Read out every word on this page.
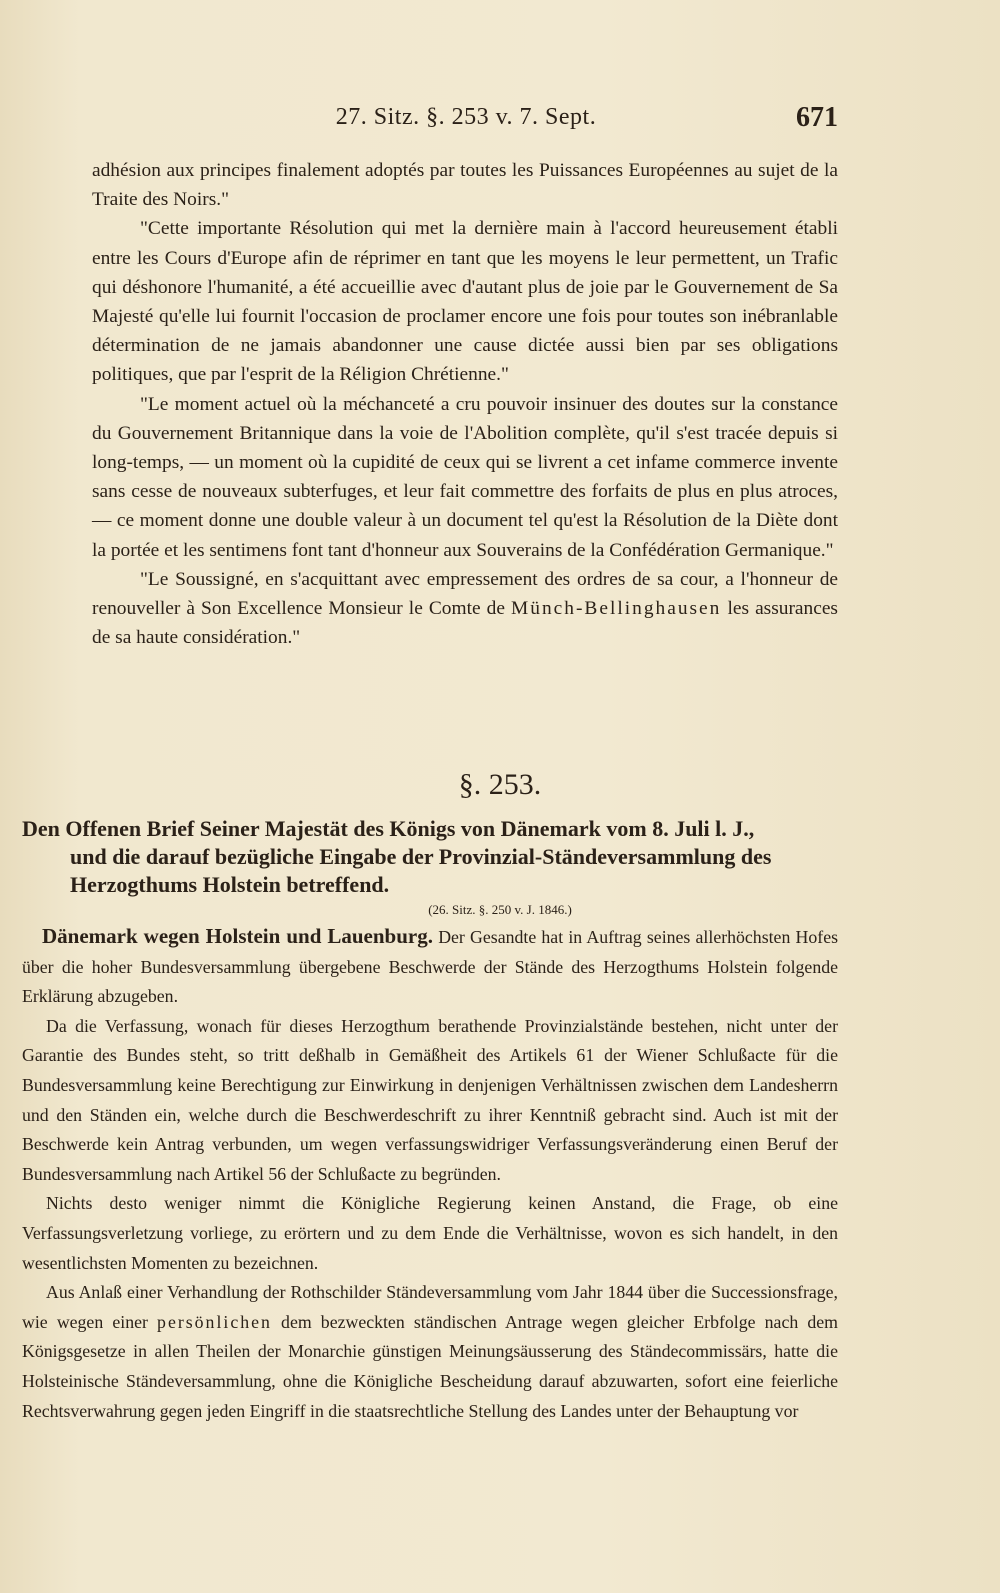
27. Sitz. §. 253 v. 7. Sept.	671

adhésion aux principes finalement adoptés par toutes les Puissances Européennes au sujet de la Traite des Noirs."

"Cette importante Résolution qui met la dernière main à l'accord heureusement établi entre les Cours d'Europe afin de réprimer en tant que les moyens le leur permettent, un Trafic qui déshonore l'humanité, a été accueillie avec d'autant plus de joie par le Gouvernement de Sa Majesté qu'elle lui fournit l'occasion de proclamer encore une fois pour toutes son inébranlable détermination de ne jamais abandonner une cause dictée aussi bien par ses obligations politiques, que par l'esprit de la Réligion Chrétienne."

"Le moment actuel où la méchanceté a cru pouvoir insinuer des doutes sur la constance du Gouvernement Britannique dans la voie de l'Abolition complète, qu'il s'est tracée depuis si long-temps, — un moment où la cupidité de ceux qui se livrent a cet infame commerce invente sans cesse de nouveaux subterfuges, et leur fait commettre des forfaits de plus en plus atroces, — ce moment donne une double valeur à un document tel qu'est la Résolution de la Diète dont la portée et les sentimens font tant d'honneur aux Souverains de la Confédération Germanique."

"Le Soussigné, en s'acquittant avec empressement des ordres de sa cour, a l'honneur de renouveller à Son Excellence Monsieur le Comte de Münch-Bellinghausen les assurances de sa haute considération."

§. 253.

Den Offenen Brief Seiner Majestät des Königs von Dänemark vom 8. Juli l. J.,

und die darauf bezügliche Eingabe der Provinzial-Ständeversammlung des

Herzogthums Holstein betreffend.

(26. Sitz. §. 250 v. J. 1846.)

Dänemark wegen Holstein und Lauenburg. Der Gesandte hat in Auftrag seines allerhöchsten Hofes über die hoher Bundesversammlung übergebene Beschwerde der Stände des Herzogthums Holstein folgende Erklärung abzugeben.

Da die Verfassung, wonach für dieses Herzogthum berathende Provinzialstände bestehen, nicht unter der Garantie des Bundes steht, so tritt deßhalb in Gemäßheit des Artikels 61 der Wiener Schlußacte für die Bundesversammlung keine Berechtigung zur Einwirkung in denjenigen Verhältnissen zwischen dem Landesherrn und den Ständen ein, welche durch die Beschwerdeschrift zu ihrer Kenntniß gebracht sind. Auch ist mit der Beschwerde kein Antrag verbunden, um wegen verfassungswidriger Verfassungsveränderung einen Beruf der Bundesversammlung nach Artikel 56 der Schlußacte zu begründen.

Nichts desto weniger nimmt die Königliche Regierung keinen Anstand, die Frage, ob eine Verfassungsverletzung vorliege, zu erörtern und zu dem Ende die Verhältnisse, wovon es sich handelt, in den wesentlichsten Momenten zu bezeichnen.

Aus Anlaß einer Verhandlung der Rothschilder Ständeversammlung vom Jahr 1844 über die Successionsfrage, wie wegen einer persönlichen dem bezweckten ständischen Antrage wegen gleicher Erbfolge nach dem Königsgesetze in allen Theilen der Monarchie günstigen Meinungsäusserung des Ständecommissärs, hatte die Holsteinische Ständeversammlung, ohne die Königliche Bescheidung darauf abzuwarten, sofort eine feierliche Rechtsverwahrung gegen jeden Eingriff in die staatsrechtliche Stellung des Landes unter der Behauptung vor
